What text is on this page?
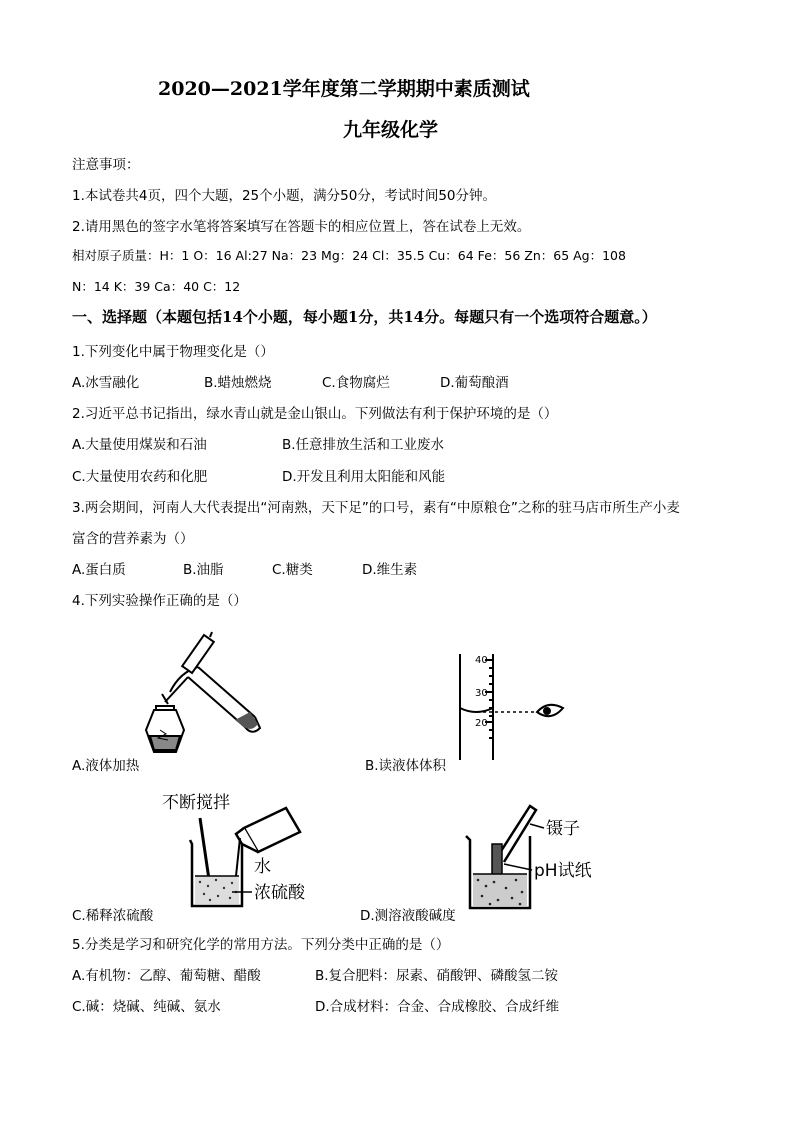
2020—2021学年度第二学期期中素质测试
九年级化学
注意事项：
1.本试卷共4页，四个大题，25个小题，满分50分，考试时间50分钟。
2.请用黑色的签字水笔将答案填写在答题卡的相应位置上，答在试卷上无效。
相对原子质量：H：1 O：16 Al:27 Na：23 Mg：24 Cl：35.5 Cu：64 Fe：56 Zn：65 Ag：108
N：14 K：39 Ca：40 C：12
一、选择题（本题包括14个小题，每小题1分，共14分。每题只有一个选项符合题意。）
1.下列变化中属于物理变化是（）
A.冰雪融化	B.蜡烛燃烧	C.食物腐烂	D.葡萄酿酒
2.习近平总书记指出，绿水青山就是金山银山。下列做法有利于保护环境的是（）
A.大量使用煤炭和石油	B.任意排放生活和工业废水
C.大量使用农药和化肥	D.开发且利用太阳能和风能
3.两会期间，河南人大代表提出“河南熟，天下足”的口号，素有“中原粮仓”之称的驻马店市所生产小麦
富含的营养素为（）
A.蛋白质	B.油脂	C.糖类	D.维生素
4.下列实验操作正确的是（）
A.液体加热
40
30
20
B.读液体体积
不断搅拌
水
浓硫酸
C.稀释浓硫酸
镊子
pH试纸
D.测溶液酸碱度
5.分类是学习和研究化学的常用方法。下列分类中正确的是（）
A.有机物：乙醇、葡萄糖、醋酸	B.复合肥料：尿素、硝酸钾、磷酸氢二铵
C.碱：烧碱、纯碱、氨水	D.合成材料：合金、合成橡胶、合成纤维
